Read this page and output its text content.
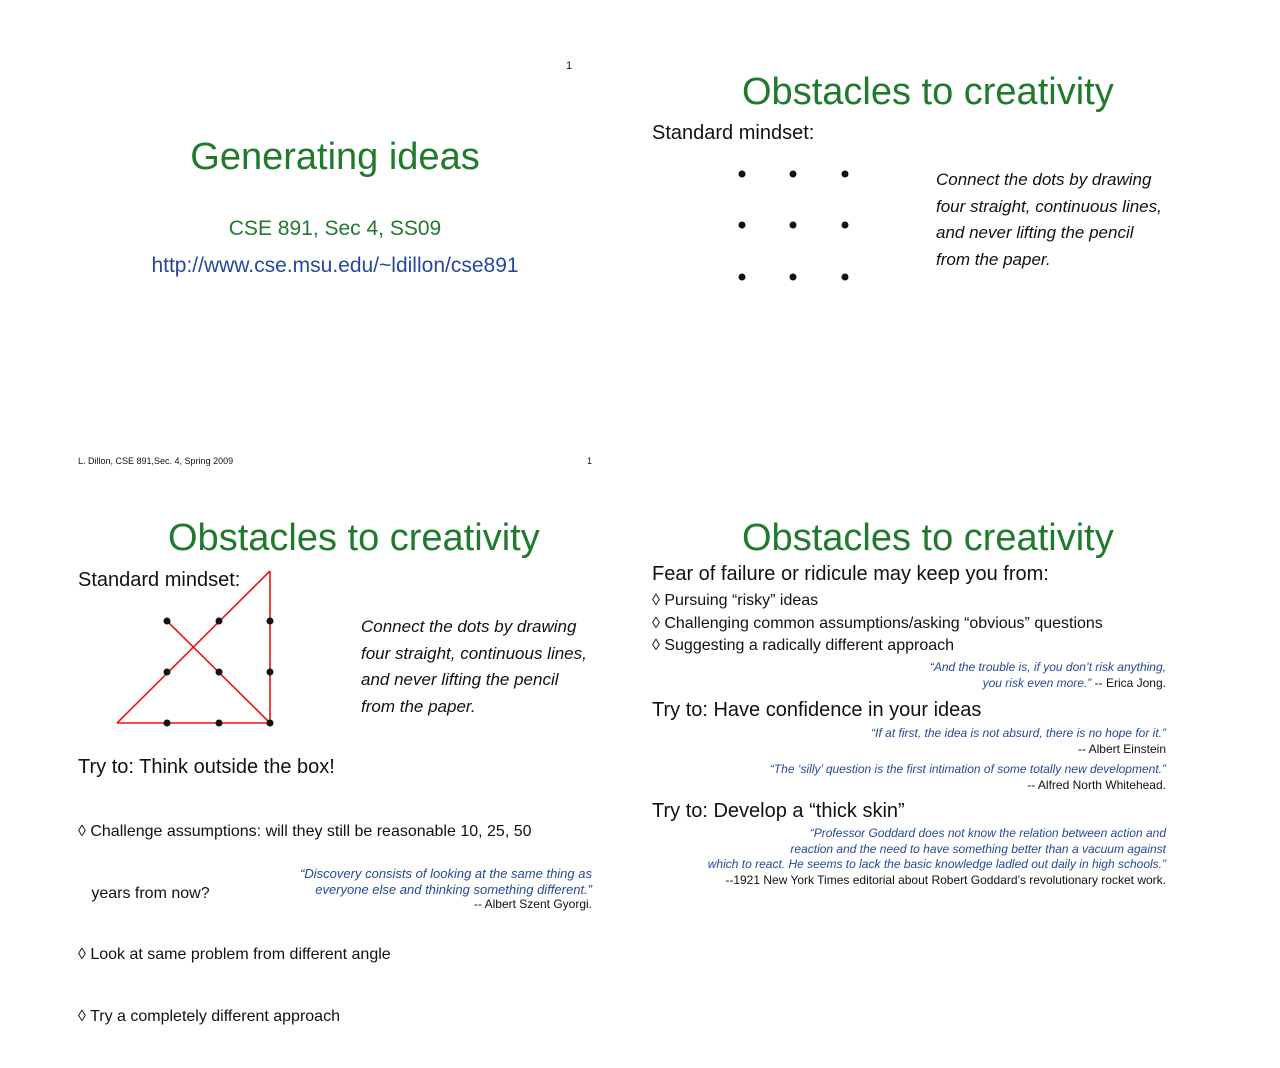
1
Generating ideas
CSE 891, Sec 4, SS09
http://www.cse.msu.edu/~ldillon/cse891
L. Dillon, CSE 891,Sec. 4, Spring 2009	1
Obstacles to creativity
Standard mindset:
Connect the dots by drawing
four straight, continuous lines,
and never lifting the pencil
from the paper.
Obstacles to creativity
Standard mindset:
Connect the dots by drawing
four straight, continuous lines,
and never lifting the pencil
from the paper.
Try to: Think outside the box!

◊ Challenge assumptions: will they still be reasonable 10, 25, 50

years from now?

◊ Look at same problem from different angle

◊ Try a completely different approach

“Discovery consists of looking at the same thing as
everyone else and thinking something different.”
-- Albert Szent Gyorgi.
Obstacles to creativity
Fear of failure or ridicule may keep you from:
◊ Pursuing “risky” ideas
◊ Challenging common assumptions/asking “obvious” questions
◊ Suggesting a radically different approach
“And the trouble is, if you don’t risk anything,
you risk even more.” -- Erica Jong.
Try to: Have confidence in your ideas
“If at first, the idea is not absurd, there is no hope for it.”
-- Albert Einstein
“The ‘silly’ question is the first intimation of some totally new development.”
-- Alfred North Whitehead.
Try to: Develop a “thick skin”
“Professor Goddard does not know the relation between action and
reaction and the need to have something better than a vacuum against
which to react. He seems to lack the basic knowledge ladled out daily in high schools.”
--1921 New York Times editorial about Robert Goddard’s revolutionary rocket work.
